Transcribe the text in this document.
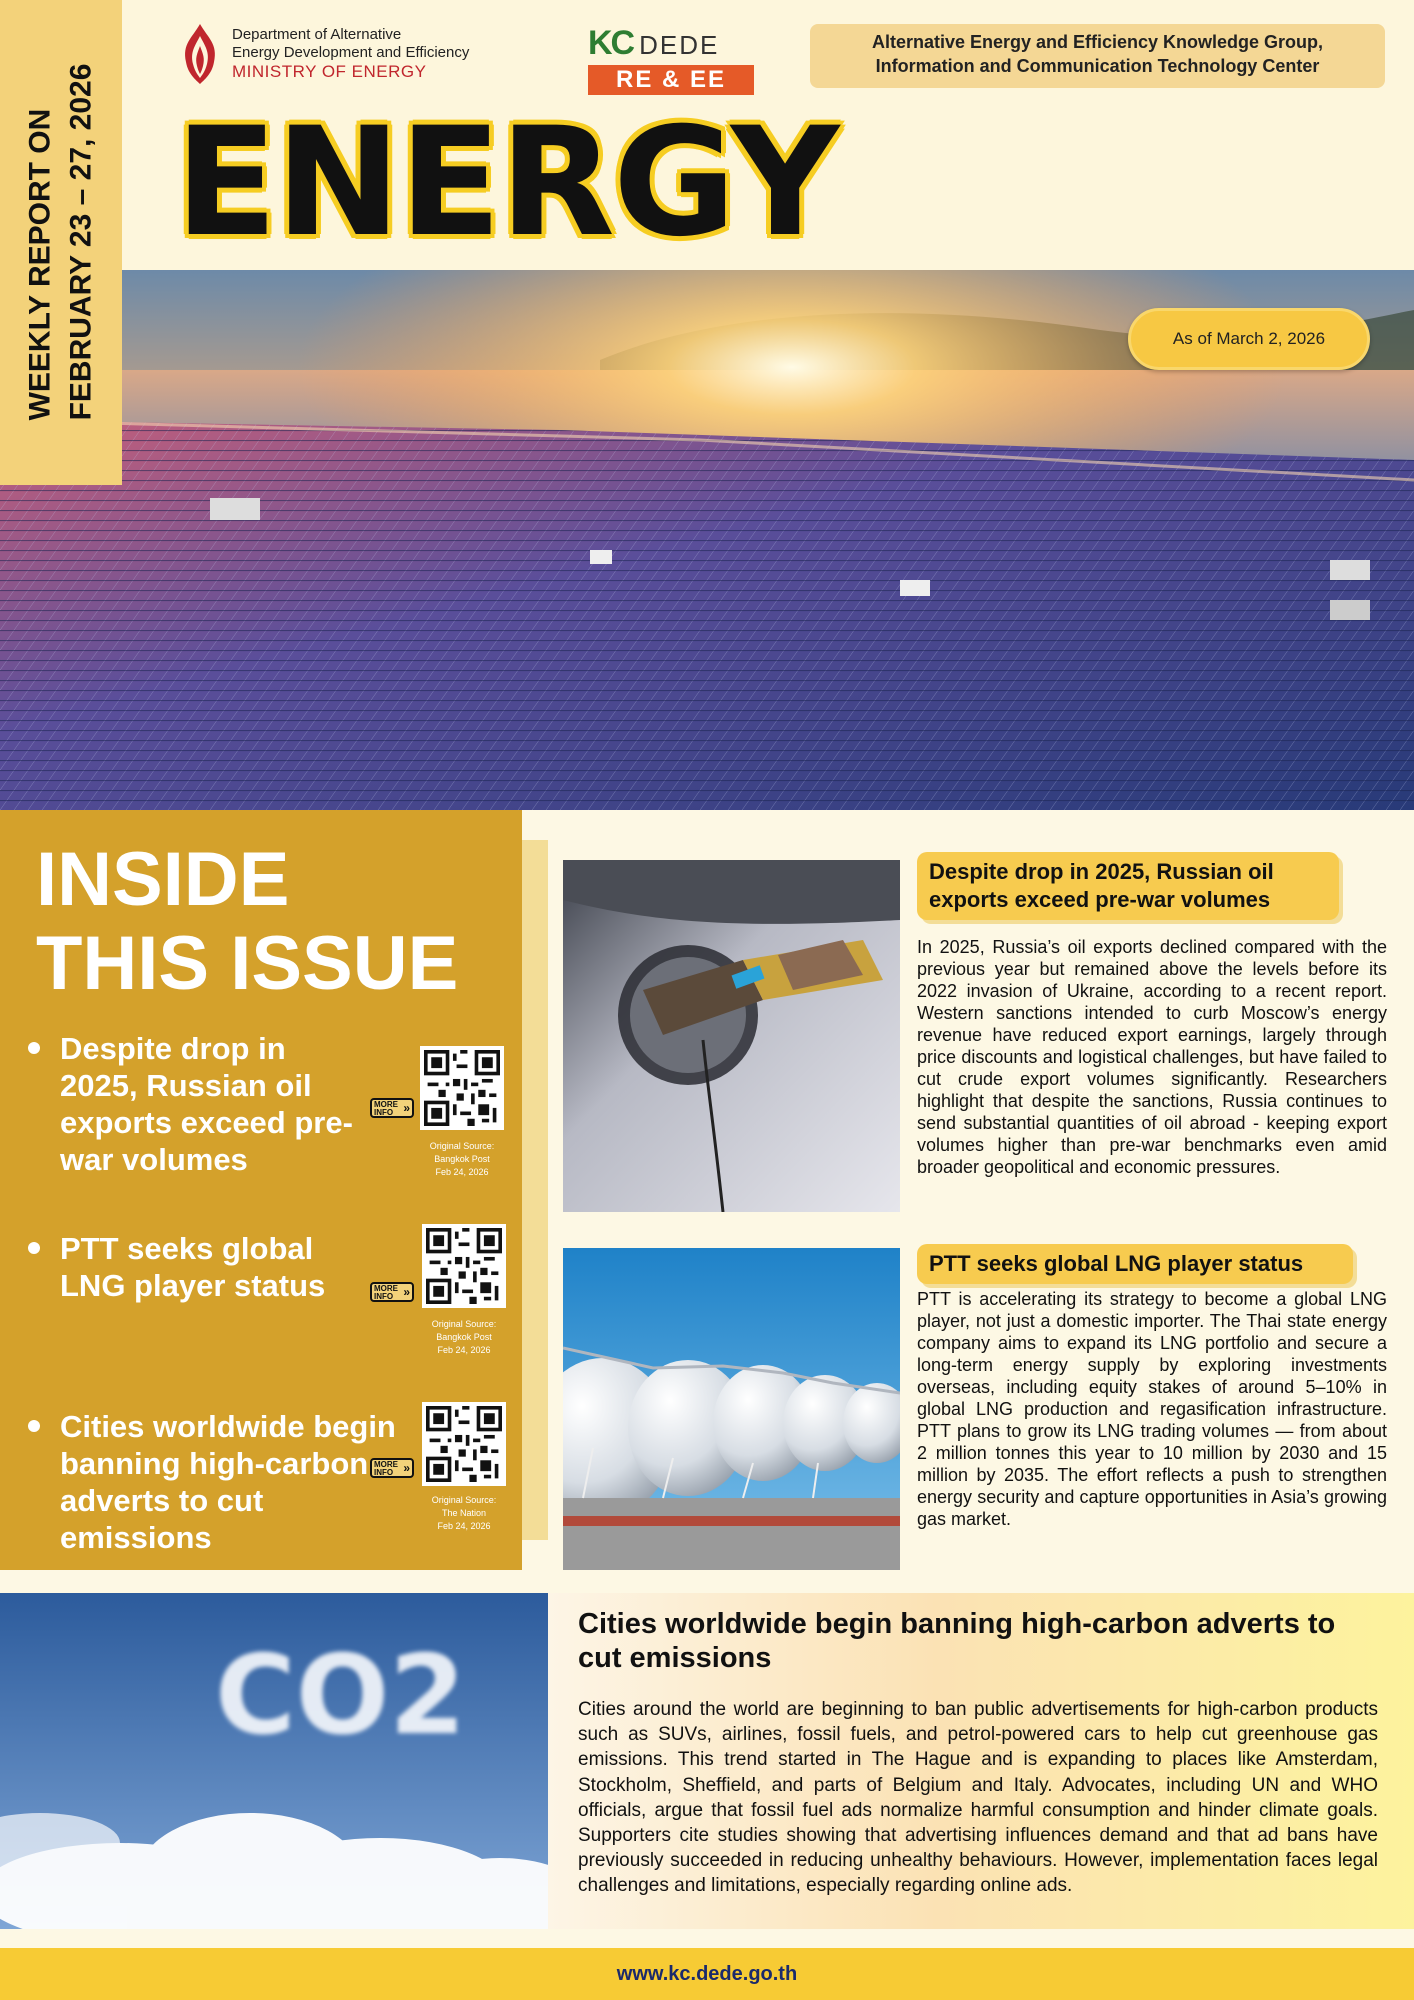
Department of Alternative
Energy Development and Efficiency
MINISTRY OF ENERGY
KC DEDE
RE & EE
Alternative Energy and Efficiency Knowledge Group,
Information and Communication Technology Center
ENERGY
WEEKLY REPORT ON FEBRUARY 23 – 27, 2026	As of March 2, 2026
INSIDE
THIS ISSUE
Despite drop in 2025, Russian oil exports exceed pre-war volumes
MORE INFO »
Original Source:
Bangkok Post
Feb 24, 2026
PTT seeks global LNG player status	MORE INFO »
Original Source:
Bangkok Post
Feb 24, 2026
Cities worldwide begin banning high-carbon adverts to cut emissions
MORE INFO »
Original Source:
The Nation
Feb 24, 2026
Despite drop in 2025, Russian oil exports exceed pre-war volumes
In 2025, Russia’s oil exports declined compared with the previous year but remained above the levels before its 2022 invasion of Ukraine, according to a recent report. Western sanctions intended to curb Moscow’s energy revenue have reduced export earnings, largely through price discounts and logistical challenges, but have failed to cut crude export volumes significantly. Researchers highlight that despite the sanctions, Russia continues to send substantial quantities of oil abroad - keeping export volumes higher than pre-war benchmarks even amid broader geopolitical and economic pressures.
PTT seeks global LNG player status
PTT is accelerating its strategy to become a global LNG player, not just a domestic importer. The Thai state energy company aims to expand its LNG portfolio and secure a long-term energy supply by exploring investments overseas, including equity stakes of around 5–10% in global LNG production and regasification infrastructure. PTT plans to grow its LNG trading volumes — from about 2 million tonnes this year to 10 million by 2030 and 15 million by 2035. The effort reflects a push to strengthen energy security and capture opportunities in Asia’s growing gas market.
CO2
Cities worldwide begin banning high-carbon adverts to cut emissions
Cities around the world are beginning to ban public advertisements for high-carbon products such as SUVs, airlines, fossil fuels, and petrol-powered cars to help cut greenhouse gas emissions. This trend started in The Hague and is expanding to places like Amsterdam, Stockholm, Sheffield, and parts of Belgium and Italy. Advocates, including UN and WHO officials, argue that fossil fuel ads normalize harmful consumption and hinder climate goals. Supporters cite studies showing that advertising influences demand and that ad bans have previously succeeded in reducing unhealthy behaviours. However, implementation faces legal challenges and limitations, especially regarding online ads.
www.kc.dede.go.th
